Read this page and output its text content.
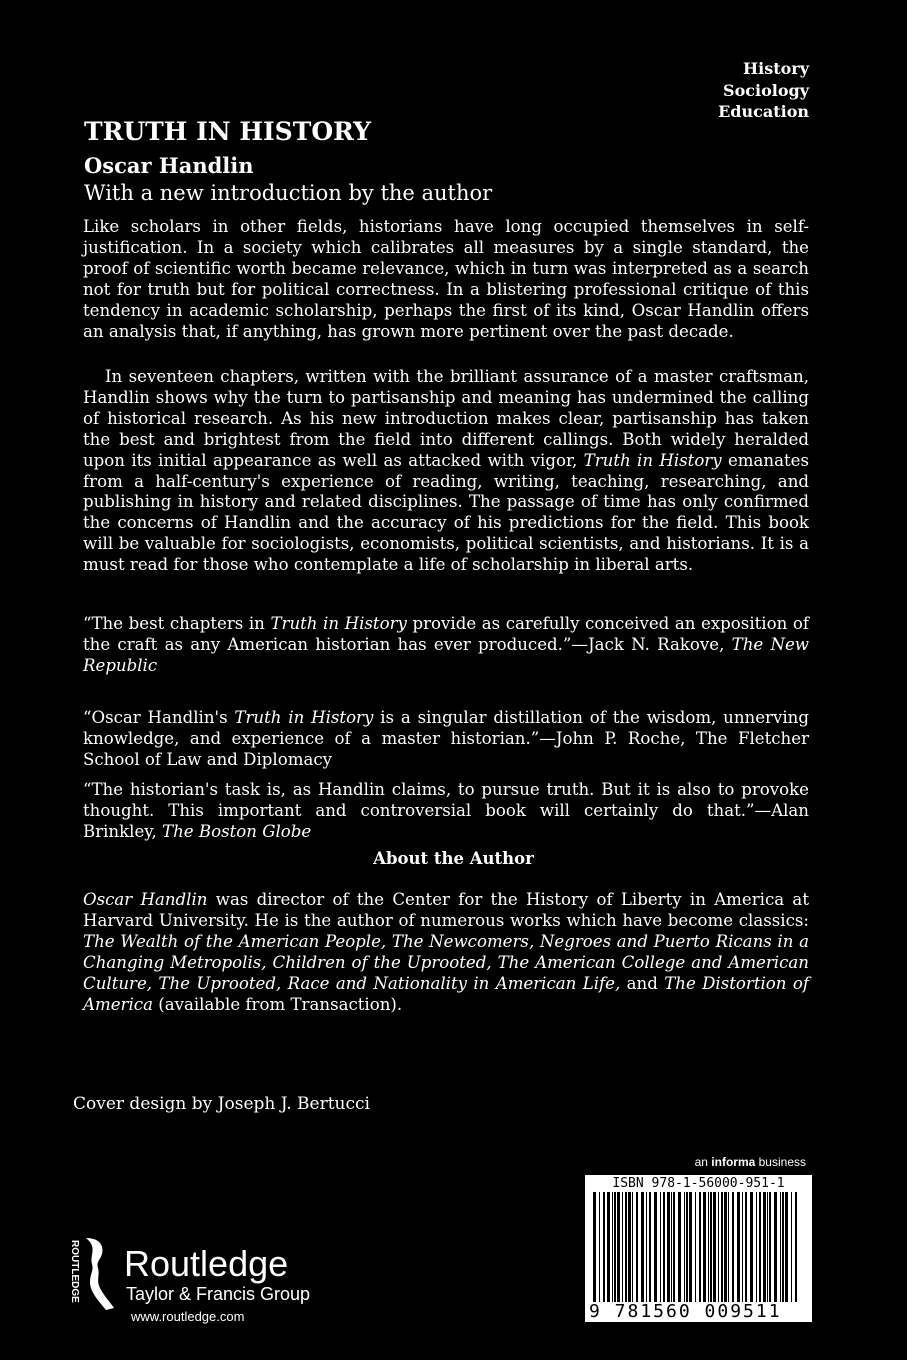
History
Sociology
Education
TRUTH IN HISTORY
Oscar Handlin
With a new introduction by the author
Like scholars in other fields, historians have long occupied themselves in self-justification. In a society which calibrates all measures by a single standard, the proof of scientific worth became relevance, which in turn was interpreted as a search not for truth but for political correctness. In a blistering professional critique of this tendency in academic scholarship, perhaps the first of its kind, Oscar Handlin offers an analysis that, if anything, has grown more pertinent over the past decade.
In seventeen chapters, written with the brilliant assurance of a master craftsman, Handlin shows why the turn to partisanship and meaning has undermined the calling of historical research. As his new introduction makes clear, partisanship has taken the best and brightest from the field into different callings. Both widely heralded upon its initial appearance as well as attacked with vigor, Truth in History emanates from a half-century's experience of reading, writing, teaching, researching, and publishing in history and related disciplines. The passage of time has only confirmed the concerns of Handlin and the accuracy of his predictions for the field. This book will be valuable for sociologists, economists, political scientists, and historians. It is a must read for those who contemplate a life of scholarship in liberal arts.
“The best chapters in Truth in History provide as carefully conceived an exposition of the craft as any American historian has ever produced.”—Jack N. Rakove, The New Republic
“Oscar Handlin's Truth in History is a singular distillation of the wisdom, unnerving knowledge, and experience of a master historian.”—John P. Roche, The Fletcher School of Law and Diplomacy
“The historian's task is, as Handlin claims, to pursue truth. But it is also to provoke thought. This important and controversial book will certainly do that.”—Alan Brinkley, The Boston Globe
About the Author
Oscar Handlin was director of the Center for the History of Liberty in America at Harvard University. He is the author of numerous works which have become classics: The Wealth of the American People, The Newcomers, Negroes and Puerto Ricans in a Changing Metropolis, Children of the Uprooted, The American College and American Culture, The Uprooted, Race and Nationality in American Life, and The Distortion of America (available from Transaction).
Cover design by Joseph J. Bertucci
an informa business
ISBN 978-1-56000-951-1
9 781560 009511
ROUTLEDGE Routledge
Taylor & Francis Group
www.routledge.com
